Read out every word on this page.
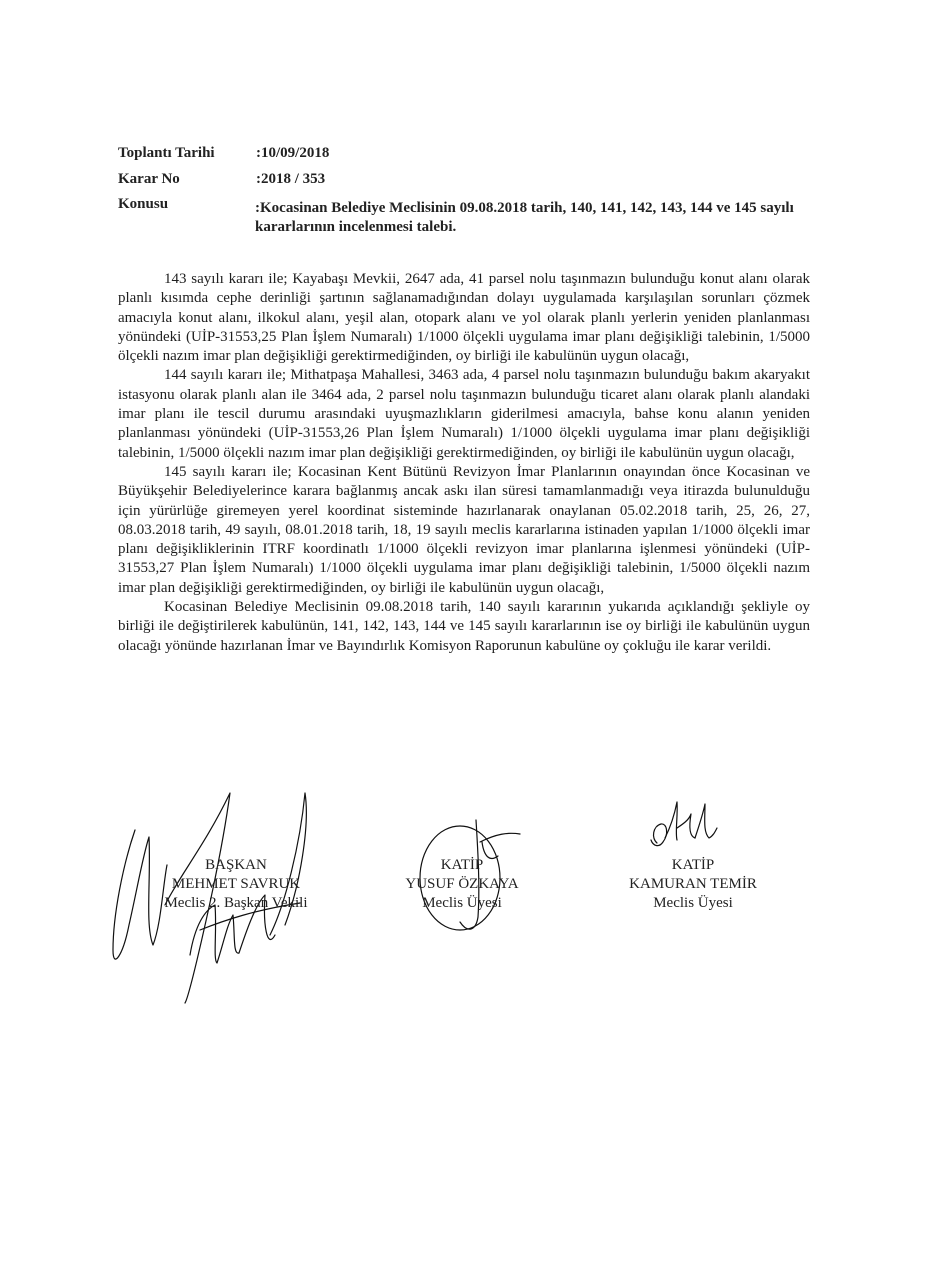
Toplantı Tarihi	:10/09/2018
Karar No	:2018 / 353
Konusu	:Kocasinan Belediye Meclisinin 09.08.2018 tarih, 140, 141, 142, 143, 144 ve 145 sayılı kararlarının incelenmesi talebi.

143 sayılı kararı ile; Kayabaşı Mevkii, 2647 ada, 41 parsel nolu taşınmazın bulunduğu konut alanı olarak planlı kısımda cephe derinliği şartının sağlanamadığından dolayı uygulamada karşılaşılan sorunları çözmek amacıyla konut alanı, ilkokul alanı, yeşil alan, otopark alanı ve yol olarak planlı yerlerin yeniden planlanması yönündeki (UİP-31553,25 Plan İşlem Numaralı) 1/1000 ölçekli uygulama imar planı değişikliği talebinin, 1/5000 ölçekli nazım imar plan değişikliği gerektirmediğinden, oy birliği ile kabulünün uygun olacağı,

144 sayılı kararı ile; Mithatpaşa Mahallesi, 3463 ada, 4 parsel nolu taşınmazın bulunduğu bakım akaryakıt istasyonu olarak planlı alan ile 3464 ada, 2 parsel nolu taşınmazın bulunduğu ticaret alanı olarak planlı alandaki imar planı ile tescil durumu arasındaki uyuşmazlıkların giderilmesi amacıyla, bahse konu alanın yeniden planlanması yönündeki (UİP-31553,26 Plan İşlem Numaralı) 1/1000 ölçekli uygulama imar planı değişikliği talebinin, 1/5000 ölçekli nazım imar plan değişikliği gerektirmediğinden, oy birliği ile kabulünün uygun olacağı,

145 sayılı kararı ile; Kocasinan Kent Bütünü Revizyon İmar Planlarının onayından önce Kocasinan ve Büyükşehir Belediyelerince karara bağlanmış ancak askı ilan süresi tamamlanmadığı veya itirazda bulunulduğu için yürürlüğe giremeyen yerel koordinat sisteminde hazırlanarak onaylanan 05.02.2018 tarih, 25, 26, 27, 08.03.2018 tarih, 49 sayılı, 08.01.2018 tarih, 18, 19 sayılı meclis kararlarına istinaden yapılan 1/1000 ölçekli imar planı değişikliklerinin ITRF koordinatlı 1/1000 ölçekli revizyon imar planlarına işlenmesi yönündeki (UİP-31553,27 Plan İşlem Numaralı) 1/1000 ölçekli uygulama imar planı değişikliği talebinin, 1/5000 ölçekli nazım imar plan değişikliği gerektirmediğinden, oy birliği ile kabulünün uygun olacağı,

Kocasinan Belediye Meclisinin 09.08.2018 tarih, 140 sayılı kararının yukarıda açıklandığı şekliyle oy birliği ile değiştirilerek kabulünün, 141, 142, 143, 144 ve 145 sayılı kararlarının ise oy birliği ile kabulünün uygun olacağı yönünde hazırlanan İmar ve Bayındırlık Komisyon Raporunun kabulüne oy çokluğu ile karar verildi.

BAŞKAN
MEHMET SAVRUK
Meclis 2. Başkan Vekili
KATİP
YUSUF ÖZKAYA
Meclis Üyesi
KATİP
KAMURAN TEMİR
Meclis Üyesi
